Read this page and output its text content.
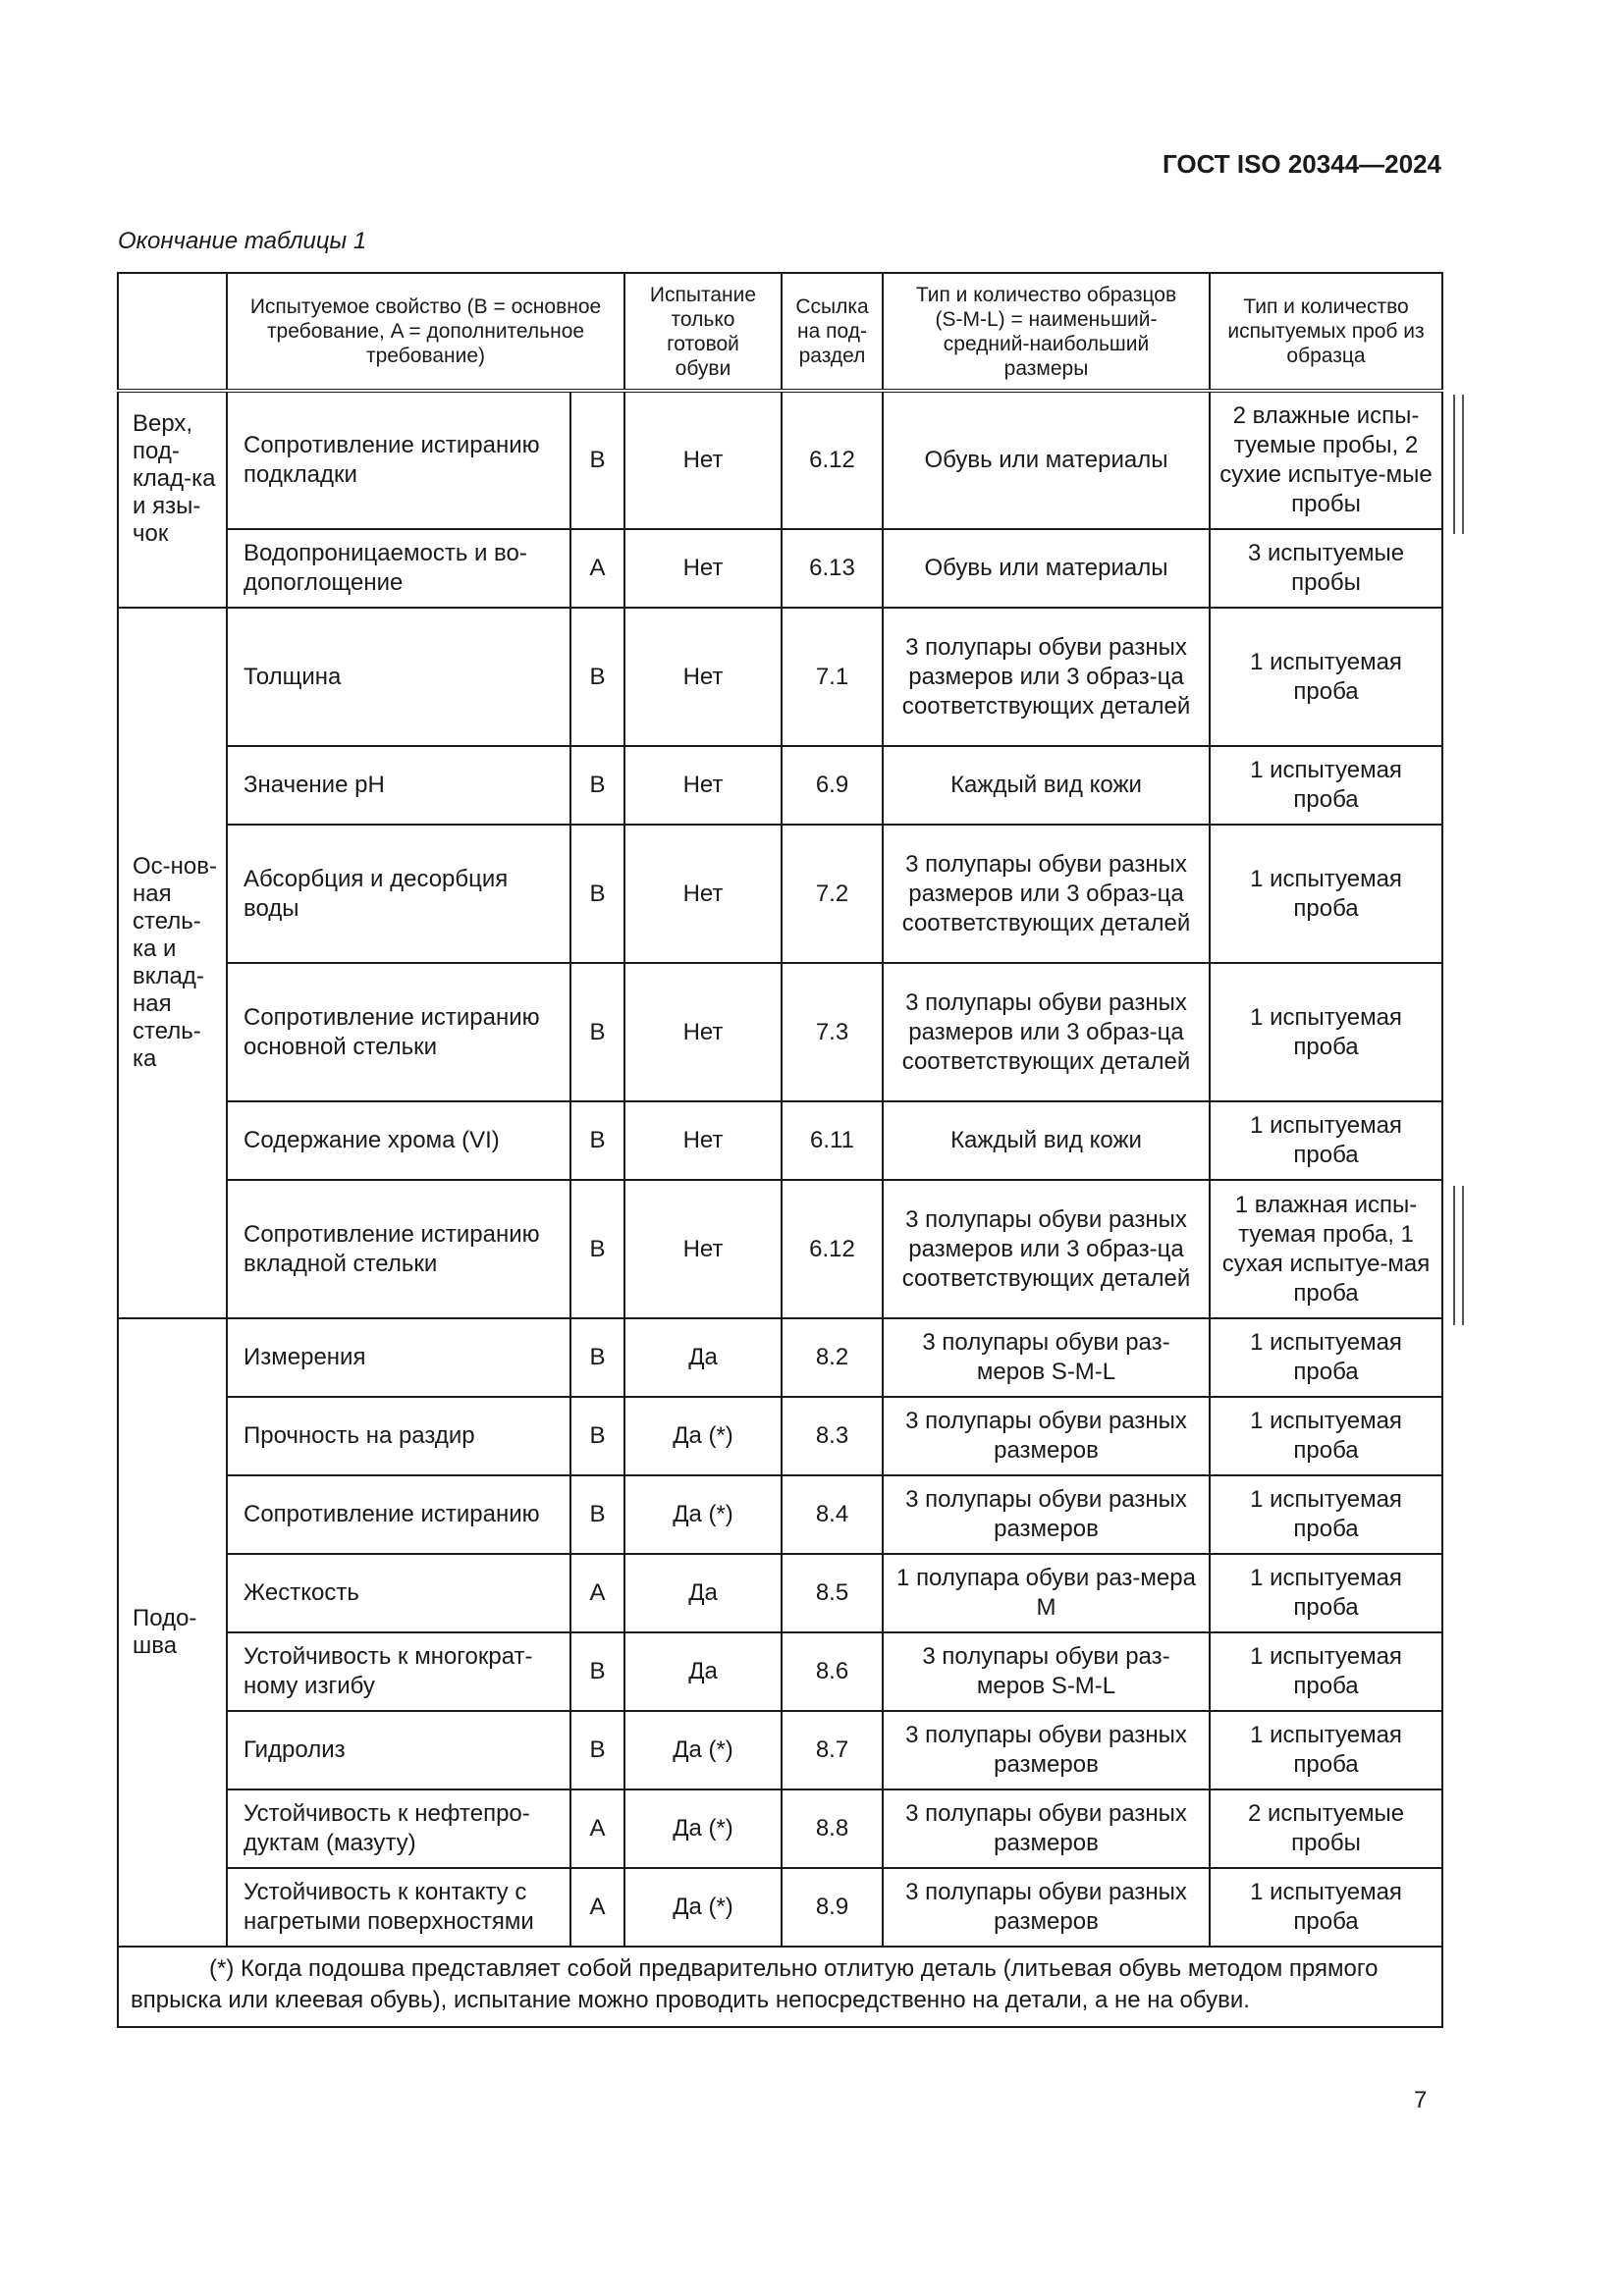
ГОСТ ISO 20344—2024
Окончание таблицы 1
	Испытуемое свойство (B = основное требование, A = дополнительное требование)		Испытание только готовой обуви	Ссылка на под-раздел	Тип и количество образцов (S-M-L) = наименьший-средний-наибольший размеры	Тип и количество испытуемых проб из образца
Верх, под-клад-ка и язы-чок	Сопротивление истиранию подкладки	B	Нет	6.12	Обувь или материалы	2 влажные испы-туемые пробы, 2 сухие испытуе-мые пробы
	Водопроницаемость и во-допоглощение	A	Нет	6.13	Обувь или материалы	3 испытуемые пробы
Ос-нов-ная стель-ка и вклад-ная стель-ка	Толщина	B	Нет	7.1	3 полупары обуви разных размеров или 3 образ-ца соответствующих деталей	1 испытуемая проба
	Значение pH	B	Нет	6.9	Каждый вид кожи	1 испытуемая проба
	Абсорбция и десорбция воды	B	Нет	7.2	3 полупары обуви разных размеров или 3 образ-ца соответствующих деталей	1 испытуемая проба
	Сопротивление истиранию основной стельки	B	Нет	7.3	3 полупары обуви разных размеров или 3 образ-ца соответствующих деталей	1 испытуемая проба
	Содержание хрома (VI)	B	Нет	6.11	Каждый вид кожи	1 испытуемая проба
	Сопротивление истиранию вкладной стельки	B	Нет	6.12	3 полупары обуви разных размеров или 3 образ-ца соответствующих деталей	1 влажная испы-туемая проба, 1 сухая испытуе-мая проба
Подо-шва	Измерения	B	Да	8.2	3 полупары обуви раз-меров S-M-L	1 испытуемая проба
	Прочность на раздир	B	Да (*)	8.3	3 полупары обуви разных размеров	1 испытуемая проба
	Сопротивление истиранию	B	Да (*)	8.4	3 полупары обуви разных размеров	1 испытуемая проба
	Жесткость	A	Да	8.5	1 полупара обуви раз-мера M	1 испытуемая проба
	Устойчивость к многократ-ному изгибу	B	Да	8.6	3 полупары обуви раз-меров S-M-L	1 испытуемая проба
	Гидролиз	B	Да (*)	8.7	3 полупары обуви разных размеров	1 испытуемая проба
	Устойчивость к нефтепро-дуктам (мазуту)	A	Да (*)	8.8	3 полупары обуви разных размеров	2 испытуемые пробы
	Устойчивость к контакту с нагретыми поверхностями	A	Да (*)	8.9	3 полупары обуви разных размеров	1 испытуемая проба

(*) Когда подошва представляет собой предварительно отлитую деталь (литьевая обувь методом прямого впрыска или клеевая обувь), испытание можно проводить непосредственно на детали, а не на обуви.						

7
